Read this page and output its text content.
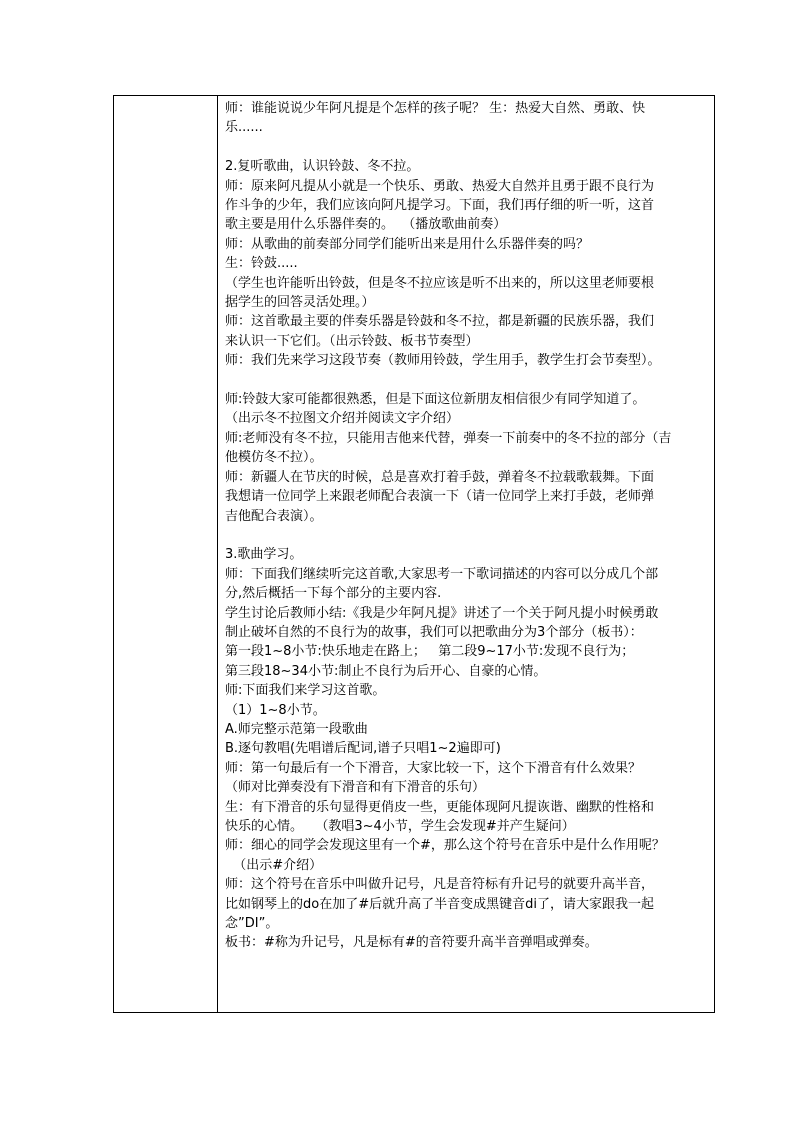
师：谁能说说少年阿凡提是个怎样的孩子呢？ 生：热爱大自然、勇敢、快

乐......

2.复听歌曲，认识铃鼓、冬不拉。

师：原来阿凡提从小就是一个快乐、勇敢、热爱大自然并且勇于跟不良行为

作斗争的少年，我们应该向阿凡提学习。下面，我们再仔细的听一听，这首

歌主要是用什么乐器伴奏的。  （播放歌曲前奏）

师：从歌曲的前奏部分同学们能听出来是用什么乐器伴奏的吗？

生：铃鼓.....

（学生也许能听出铃鼓，但是冬不拉应该是听不出来的，所以这里老师要根

据学生的回答灵活处理。）

师：这首歌最主要的伴奏乐器是铃鼓和冬不拉，都是新疆的民族乐器，我们

来认识一下它们。（出示铃鼓、板书节奏型）

师：我们先来学习这段节奏（教师用铃鼓，学生用手，教学生打会节奏型）。

师:铃鼓大家可能都很熟悉，但是下面这位新朋友相信很少有同学知道了。

（出示冬不拉图文介绍并阅读文字介绍）

师:老师没有冬不拉，只能用吉他来代替，弹奏一下前奏中的冬不拉的部分（吉

他模仿冬不拉）。

师：新疆人在节庆的时候，总是喜欢打着手鼓，弹着冬不拉载歌载舞。下面

我想请一位同学上来跟老师配合表演一下（请一位同学上来打手鼓，老师弹

吉他配合表演）。

3.歌曲学习。

师：下面我们继续听完这首歌,大家思考一下歌词描述的内容可以分成几个部

分,然后概括一下每个部分的主要内容.

学生讨论后教师小结:《我是少年阿凡提》讲述了一个关于阿凡提小时候勇敢

制止破坏自然的不良行为的故事，我们可以把歌曲分为3个部分（板书）：

第一段1~8小节:快乐地走在路上；   第二段9~17小节:发现不良行为；

第三段18~34小节:制止不良行为后开心、自豪的心情。

师:下面我们来学习这首歌。

（1）1~8小节。

A.师完整示范第一段歌曲

B.逐句教唱(先唱谱后配词,谱子只唱1~2遍即可)

师：第一句最后有一个下滑音，大家比较一下，这个下滑音有什么效果？

（师对比弹奏没有下滑音和有下滑音的乐句）

生：有下滑音的乐句显得更俏皮一些，更能体现阿凡提诙谐、幽默的性格和

快乐的心情。   （教唱3~4小节，学生会发现#并产生疑问）

师：细心的同学会发现这里有一个#，那么这个符号在音乐中是什么作用呢？

（出示#介绍）

师：这个符号在音乐中叫做升记号，凡是音符标有升记号的就要升高半音，

比如钢琴上的do在加了#后就升高了半音变成黑键音di了，请大家跟我一起

念”DI”。

板书：#称为升记号，凡是标有#的音符要升高半音弹唱或弹奏。
